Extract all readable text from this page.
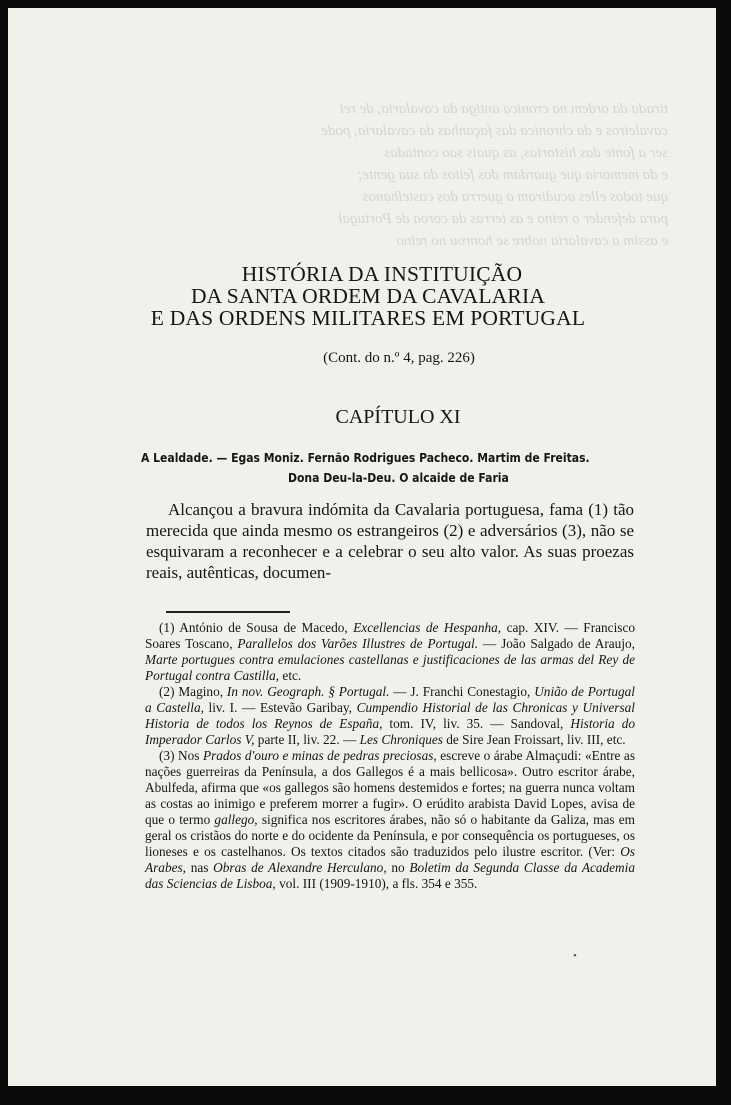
tirada da ordem na cronica antiga da cavalaria, de rei
cavaleiros e da chronica das façanhas da cavalaria, pode
ser a fonte das historias, as quais sao contadas
e da memoria que guardam dos feitos da sua gente;
que todos elles acudiram a guerra dos castelhanos
para defender o reino e as terras da coroa de Portugal
e assim a cavalaria nobre se honrou no reino
HISTÓRIA DA INSTITUIÇÃO
DA SANTA ORDEM DA CAVALARIA
E DAS ORDENS MILITARES EM PORTUGAL
(Cont. do n.º 4, pag. 226)
CAPÍTULO XI
A Lealdade. — Egas Moniz. Fernão Rodrigues Pacheco. Martim de Freitas.
Dona Deu-la-Deu. O alcaide de Faria

Alcançou a bravura indómita da Cavalaria portuguesa, fama (1) tão merecida que ainda mesmo os estrangeiros (2) e adversários (3), não se esquivaram a reconhecer e a celebrar o seu alto valor. As suas proezas reais, autênticas, documen-

(1) António de Sousa de Macedo, Excellencias de Hespanha, cap. XIV. — Francisco Soares Toscano, Parallelos dos Varões Illustres de Portugal. — João Salgado de Araujo, Marte portugues contra emulaciones castellanas e justificaciones de las armas del Rey de Portugal contra Castilla, etc.

(2) Magino, In nov. Geograph. § Portugal. — J. Franchi Conestagio, União de Portugal a Castella, liv. I. — Estevão Garibay, Cumpendio Historial de las Chronicas y Universal Historia de todos los Reynos de España, tom. IV, liv. 35. — Sandoval, Historia do Imperador Carlos V, parte II, liv. 22. — Les Chroniques de Sire Jean Froissart, liv. III, etc.

(3) Nos Prados d'ouro e minas de pedras preciosas, escreve o árabe Almaçudi: «Entre as nações guerreiras da Península, a dos Gallegos é a mais bellicosa». Outro escritor árabe, Abulfeda, afirma que «os gallegos são homens destemidos e fortes; na guerra nunca voltam as costas ao inimigo e preferem morrer a fugir». O erúdito arabista David Lopes, avisa de que o termo gallego, significa nos escritores árabes, não só o habitante da Galiza, mas em geral os cristãos do norte e do ocidente da Península, e por consequência os portugueses, os lioneses e os castelhanos. Os textos citados são traduzidos pelo ilustre escritor. (Ver: Os Arabes, nas Obras de Alexandre Herculano, no Boletim da Segunda Classe da Academia das Sciencias de Lisboa, vol. III (1909-1910), a fls. 354 e 355.

•
